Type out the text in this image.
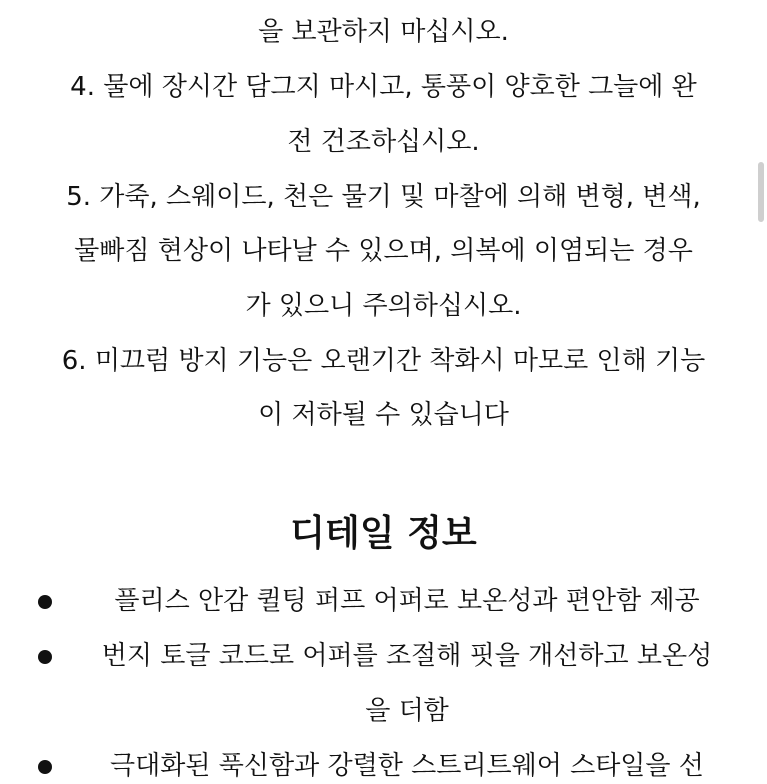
을 보관하지 마십시오.
4. 물에 장시간 담그지 마시고, 통풍이 양호한 그늘에 완
전 건조하십시오.
5. 가죽, 스웨이드, 천은 물기 및 마찰에 의해 변형, 변색,
물빠짐 현상이 나타날 수 있으며, 의복에 이염되는 경우
가 있으니 주의하십시오.
6. 미끄럼 방지 기능은 오랜기간 착화시 마모로 인해 기능
이 저하될 수 있습니다
디테일 정보
플리스 안감 퀼팅 퍼프 어퍼로 보온성과 편안함 제공
번지 토글 코드로 어퍼를 조절해 핏을 개선하고 보온성
을 더함
극대화된 푹신함과 강렬한 스트리트웨어 스타일을 선
